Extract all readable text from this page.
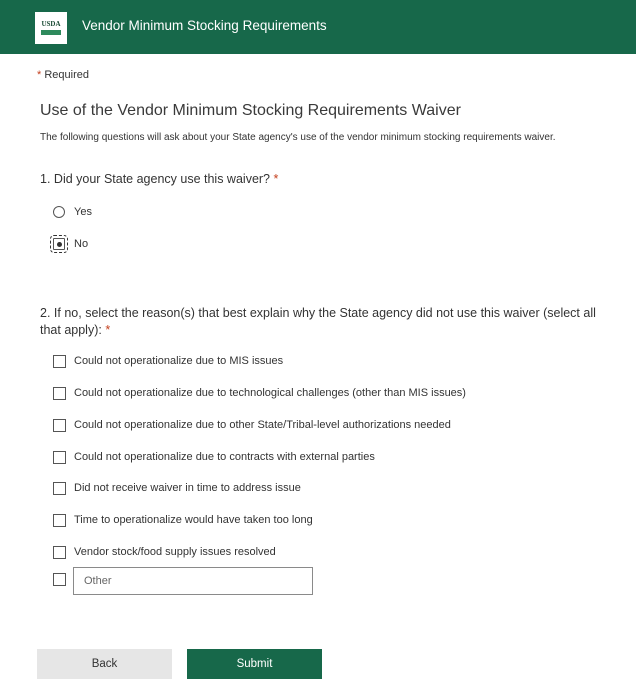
USDA Vendor Minimum Stocking Requirements
* Required
Use of the Vendor Minimum Stocking Requirements Waiver
The following questions will ask about your State agency's use of the vendor minimum stocking requirements waiver.
1. Did your State agency use this waiver? *
Yes
No
2. If no, select the reason(s) that best explain why the State agency did not use this waiver (select all that apply): *
Could not operationalize due to MIS issues
Could not operationalize due to technological challenges (other than MIS issues)
Could not operationalize due to other State/Tribal-level authorizations needed
Could not operationalize due to contracts with external parties
Did not receive waiver in time to address issue
Time to operationalize would have taken too long
Vendor stock/food supply issues resolved
Other
Back	Submit
